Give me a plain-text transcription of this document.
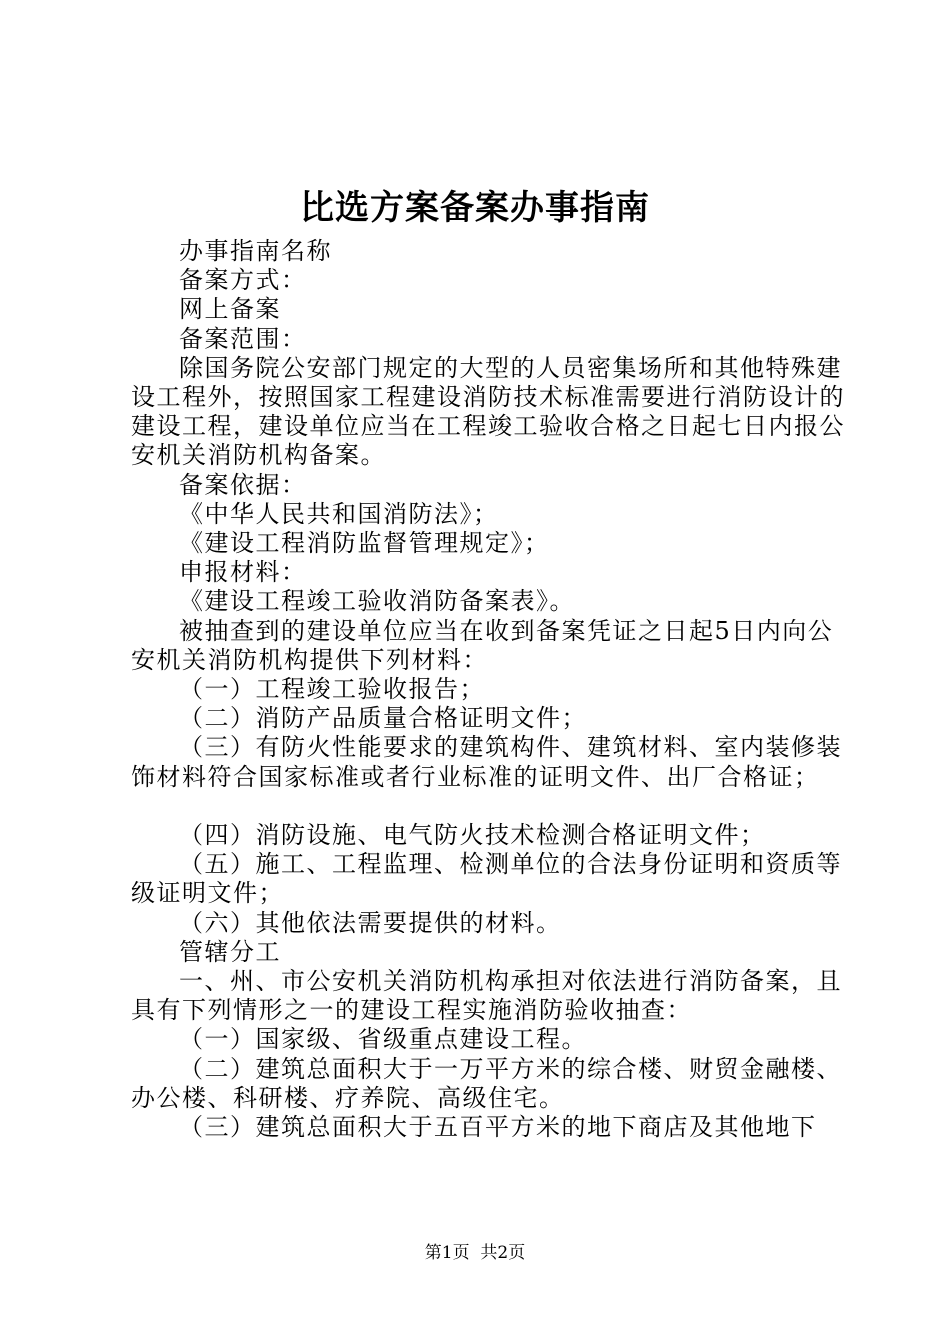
比选方案备案办事指南

办事指南名称

备案方式：

网上备案

备案范围：

除国务院公安部门规定的大型的人员密集场所和其他特殊建设工程外，按照国家工程建设消防技术标准需要进行消防设计的建设工程，建设单位应当在工程竣工验收合格之日起七日内报公安机关消防机构备案。

备案依据：

《中华人民共和国消防法》；

《建设工程消防监督管理规定》；

申报材料：

《建设工程竣工验收消防备案表》。

被抽查到的建设单位应当在收到备案凭证之日起5日内向公安机关消防机构提供下列材料：

（一）工程竣工验收报告；

（二）消防产品质量合格证明文件；

（三）有防火性能要求的建筑构件、建筑材料、室内装修装饰材料符合国家标准或者行业标准的证明文件、出厂合格证；

（四）消防设施、电气防火技术检测合格证明文件；

（五）施工、工程监理、检测单位的合法身份证明和资质等级证明文件；

（六）其他依法需要提供的材料。

管辖分工

一、州、市公安机关消防机构承担对依法进行消防备案，且具有下列情形之一的建设工程实施消防验收抽查：

（一）国家级、省级重点建设工程。

（二）建筑总面积大于一万平方米的综合楼、财贸金融楼、办公楼、科研楼、疗养院、高级住宅。

（三）建筑总面积大于五百平方米的地下商店及其他地下

第1页 共2页
